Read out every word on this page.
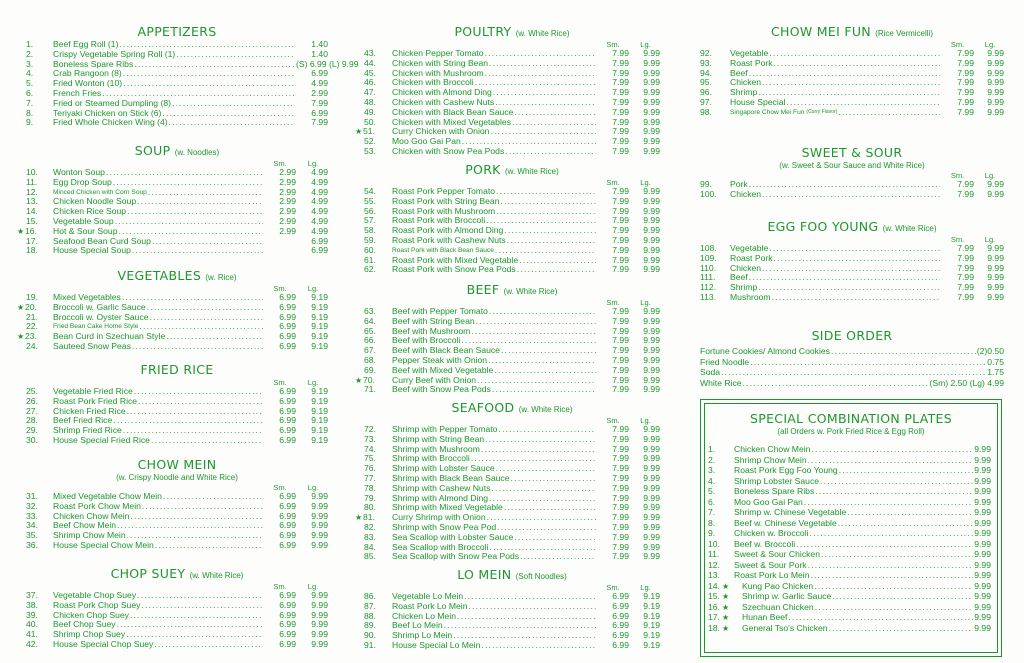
APPETIZERS
1.	Beef Egg Roll (1) .....	1.40
2.	Crispy Vegetable Spring Roll (1) .....	1.40
3.	Boneless Spare Ribs .....	(S) 6.99 (L) 9.99
4.	Crab Rangoon (8) .....	6.99
5.	Fried Wonton (10) .....	4.99
6.	French Fries .....	2.99
7.	Fried or Steamed Dumpling (8) .....	7.99
8.	Teriyaki Chicken on Stick (6) .....	6.99
9.	Fried Whole Chicken Wing (4) .....	7.99
SOUP (w. Noodles)
Sm.	Lg.
10.	Wonton Soup .....	2.99	4.99
11.	Egg Drop Soup .....	2.99	4.99
12.	Minced Chicken with Corn Soup .....	2.99	4.99
13.	Chicken Noodle Soup .....	2.99	4.99
14.	Chicken Rice Soup .....	2.99	4.99
15.	Vegetable Soup .....	2.99	4.99
★16.	Hot & Sour Soup .....	2.99	4.99
17.	Seafood Bean Curd Soup .....	6.99
18.	House Special Soup .....	6.99
VEGETABLES (w. Rice)
Sm.	Lg.
19.	Mixed Vegetables .....	6.99	9.19
★20.	Broccoli w. Garlic Sauce .....	6.99	9.19
21.	Broccoli w. Oyster Sauce .....	6.99	9.19
22.	Fried Bean Cake Home Style .....	6.99	9.19
★23.	Bean Curd in Szechuan Style .....	6.99	9.19
24.	Sauteed Snow Peas .....	6.99	9.19
FRIED RICE
Sm.	Lg.
25.	Vegetable Fried Rice .....	6.99	9.19
26.	Roast Pork Fried Rice .....	6.99	9.19
27.	Chicken Fried Rice .....	6.99	9.19
28.	Beef Fried Rice .....	6.99	9.19
29.	Shrimp Fried Rice .....	6.99	9.19
30.	House Special Fried Rice .....	6.99	9.19
CHOW MEIN
(w. Crispy Noodle and White Rice)
Sm.	Lg.
31.	Mixed Vegetable Chow Mein .....	6.99	9.99
32.	Roast Pork Chow Mein .....	6.99	9.99
33.	Chicken Chow Mein .....	6.99	9.99
34.	Beef Chow Mein .....	6.99	9.99
35.	Shrimp Chow Mein .....	6.99	9.99
36.	House Special Chow Mein .....	6.99	9.99
CHOP SUEY (w. White Rice)
Sm.	Lg.
37.	Vegetable Chop Suey .....	6.99	9.99
38.	Roast Pork Chop Suey .....	6.99	9.99
39.	Chicken Chop Suey .....	6.99	9.99
40.	Beef Chop Suey .....	6.99	9.99
41.	Shrimp Chop Suey .....	6.99	9.99
42.	House Special Chop Suey .....	6.99	9.99
POULTRY (w. White Rice)
Sm.	Lg.
43.	Chicken Pepper Tomato .....	7.99	9.99
44.	Chicken with String Bean .....	7.99	9.99
45.	Chicken with Mushroom .....	7.99	9.99
46.	Chicken with Broccoli .....	7.99	9.99
47.	Chicken with Almond Ding .....	7.99	9.99
48.	Chicken with Cashew Nuts .....	7.99	9.99
49.	Chicken with Black Bean Sauce .....	7.99	9.99
50.	Chicken with Mixed Vegetables .....	7.99	9.99
★51.	Curry Chicken with Onion .....	7.99	9.99
52.	Moo Goo Gai Pan .....	7.99	9.99
53.	Chicken with Snow Pea Pods .....	7.99	9.99
PORK (w. White Rice)
Sm.	Lg.
54.	Roast Pork Pepper Tomato .....	7.99	9.99
55.	Roast Pork with String Bean .....	7.99	9.99
56.	Roast Pork with Mushroom .....	7.99	9.99
57.	Roast Pork with Broccoli .....	7.99	9.99
58.	Roast Pork with Almond Ding .....	7.99	9.99
59.	Roast Pork with Cashew Nuts .....	7.99	9.99
60.	Roast Pork with Black Bean Sauce .....	7.99	9.99
61.	Roast Pork with Mixed Vegetable .....	7.99	9.99
62.	Roast Pork with Snow Pea Pods .....	7.99	9.99
BEEF (w. White Rice)
Sm.	Lg.
63.	Beef with Pepper Tomato .....	7.99	9.99
64.	Beef with String Bean .....	7.99	9.99
65.	Beef with Mushroom .....	7.99	9.99
66.	Beef with Broccoli .....	7.99	9.99
67.	Beef with Black Bean Sauce .....	7.99	9.99
68.	Pepper Steak with Onion .....	7.99	9.99
69.	Beef with Mixed Vegetable .....	7.99	9.99
★70.	Curry Beef with Onion .....	7.99	9.99
71.	Beef with Snow Pea Pods .....	7.99	9.99
SEAFOOD (w. White Rice)
Sm.	Lg.
72.	Shrimp with Pepper Tomato .....	7.99	9.99
73.	Shrimp with String Bean .....	7.99	9.99
74.	Shrimp with Mushroom .....	7.99	9.99
75.	Shrimp with Broccoli .....	7.99	9.99
76.	Shrimp with Lobster Sauce .....	7.99	9.99
77.	Shrimp with Black Bean Sauce .....	7.99	9.99
78.	Shrimp with Cashew Nuts .....	7.99	9.99
79.	Shrimp with Almond Ding .....	7.99	9.99
80.	Shrimp with Mixed Vegetable .....	7.99	9.99
★81.	Curry Shrimp with Onion .....	7.99	9.99
82.	Shrimp with Snow Pea Pod .....	7.99	9.99
83.	Sea Scallop with Lobster Sauce .....	7.99	9.99
84.	Sea Scallop with Broccoli .....	7.99	9.99
85.	Sea Scallop with Snow Pea Pods .....	7.99	9.99
LO MEIN (Soft Noodles)
Sm.	Lg.
86.	Vegetable Lo Mein .....	6.99	9.19
87.	Roast Pork Lo Mein .....	6.99	9.19
88.	Chicken Lo Mein .....	6.99	9.19
89.	Beef Lo Mein .....	6.99	9.19
90.	Shrimp Lo Mein .....	6.99	9.19
91.	House Special Lo Mein .....	6.99	9.19
CHOW MEI FUN (Rice Vermicelli)
Sm.	Lg.
92.	Vegetable .....	7.99	9.99
93.	Roast Pork .....	7.99	9.99
94.	Beef .....	7.99	9.99
95.	Chicken .....	7.99	9.99
96.	Shrimp .....	7.99	9.99
97.	House Special .....	7.99	9.99
98.	Singapore Chow Mei Fun (Curry Flavor) .....	7.99	9.99
SWEET & SOUR
(w. Sweet & Sour Sauce and White Rice)
Sm.	Lg.
99.	Pork .....	7.99	9.99
100.	Chicken .....	7.99	9.99
EGG FOO YOUNG (w. White Rice)
Sm.	Lg.
108.	Vegetable .....	7.99	9.99
109.	Roast Pork .....	7.99	9.99
110.	Chicken .....	7.99	9.99
111.	Beef .....	7.99	9.99
112.	Shrimp .....	7.99	9.99
113.	Mushroom .....	7.99	9.99
SIDE ORDER
Fortune Cookies/ Almond Cookies .....	(2)0.50
Fried Noodle .....	0.75
Soda .....	1.75
White Rice .....	(Sm) 2.50 (Lg) 4.99
SPECIAL COMBINATION PLATES
(all Orders w. Pork Fried Rice & Egg Roll)
1.	Chicken Chow Mein .....	9.99
2.	Shrimp Chow Mein .....	9.99
3.	Roast Pork Egg Foo Young .....	9.99
4.	Shrimp Lobster Sauce .....	9.99
5.	Boneless Spare Ribs .....	9.99
6.	Moo Goo Gai Pan .....	9.99
7.	Shrimp w. Chinese Vegetable .....	9.99
8.	Beef w. Chinese Vegetable .....	9.99
9.	Chicken w. Broccoli .....	9.99
10.	Beef w. Broccoli .....	9.99
11.	Sweet & Sour Chicken .....	9.99
12.	Sweet & Sour Pork .....	9.99
13.	Roast Pork Lo Mein .....	9.99
14. ★	Kung Pao Chicken .....	9.99
15. ★	Shrimp w. Garlic Sauce .....	9.99
16. ★	Szechuan Chicken .....	9.99
17. ★	Hunan Beef .....	9.99
18. ★	General Tso's Chicken .....	9.99
